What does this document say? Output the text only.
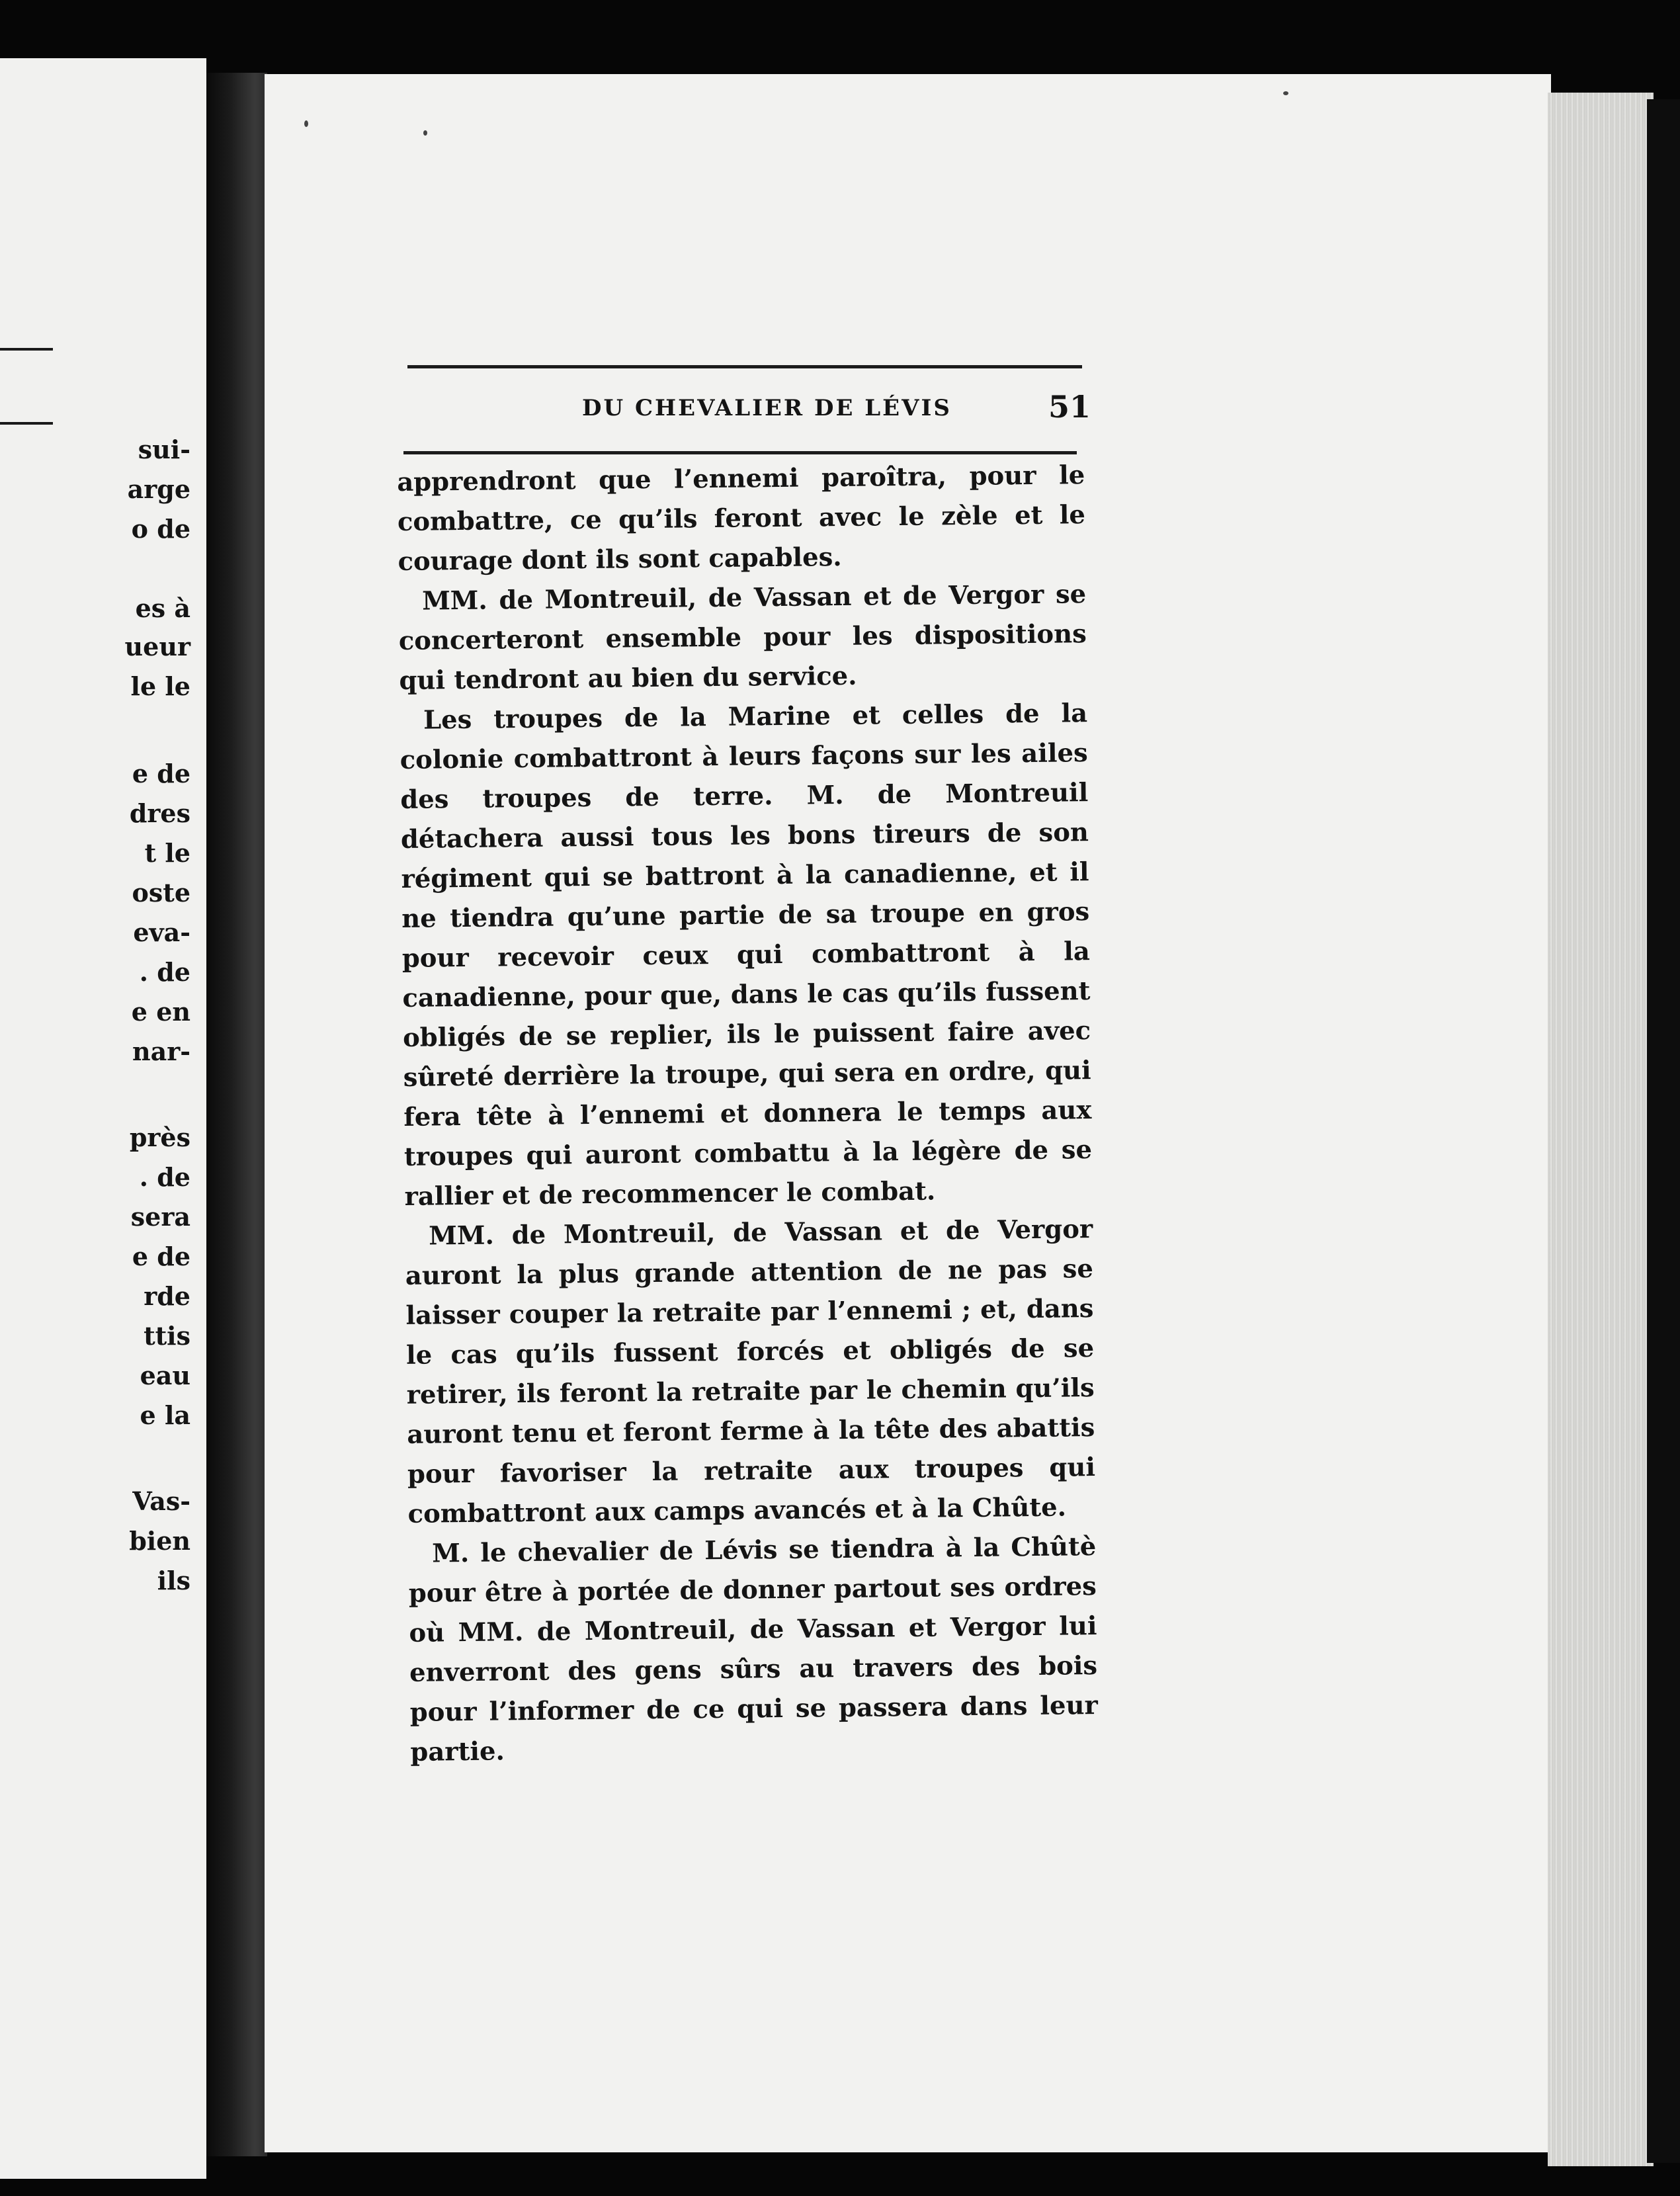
sui-
arge
o de
es à
ueur
le le
e de
dres
t le
oste
eva-
. de
e en
nar-
près
. de
sera
e de
rde
ttis
eau
e la
Vas-
bien
ils
DU CHEVALIER DE LÉVIS	51

apprendront que l’ennemi paroîtra, pour le combattre, ce qu’ils feront avec le zèle et le courage dont ils sont capables.

MM. de Montreuil, de Vassan et de Vergor se concerteront ensemble pour les dispositions qui tendront au bien du service.

Les troupes de la Marine et celles de la colonie combattront à leurs façons sur les ailes des troupes de terre. M. de Montreuil détachera aussi tous les bons tireurs de son régiment qui se battront à la canadienne, et il ne tiendra qu’une partie de sa troupe en gros pour recevoir ceux qui combattront à la canadienne, pour que, dans le cas qu’ils fussent obligés de se replier, ils le puissent faire avec sûreté derrière la troupe, qui sera en ordre, qui fera tête à l’ennemi et donnera le temps aux troupes qui auront combattu à la légère de se rallier et de recommencer le combat.

MM. de Montreuil, de Vassan et de Vergor auront la plus grande attention de ne pas se laisser couper la retraite par l’ennemi ; et, dans le cas qu’ils fussent forcés et obligés de se retirer, ils feront la retraite par le chemin qu’ils auront tenu et feront ferme à la tête des abattis pour favoriser la retraite aux troupes qui combattront aux camps avancés et à la Chûte.

M. le chevalier de Lévis se tiendra à la Chûtè pour être à portée de donner partout ses ordres où MM. de Montreuil, de Vassan et Vergor lui enverront des gens sûrs au travers des bois pour l’informer de ce qui se passera dans leur partie.
